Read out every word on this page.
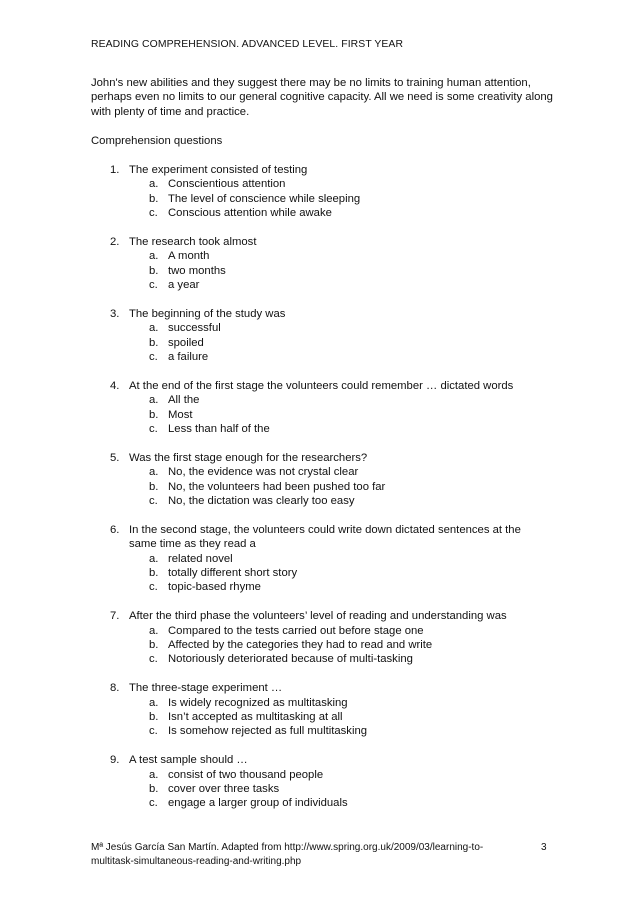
READING COMPREHENSION. ADVANCED LEVEL. FIRST YEAR

John's new abilities and they suggest there may be no limits to training human attention,

perhaps even no limits to our general cognitive capacity. All we need is some creativity along

with plenty of time and practice.

Comprehension questions
1. The experiment consisted of testing
a. Conscientious attention
b. The level of conscience while sleeping
c. Conscious attention while awake
2. The research took almost
a. A month
b. two months
c. a year
3. The beginning of the study was
a. successful
b. spoiled
c. a failure
4. At the end of the first stage the volunteers could remember … dictated words
a. All the
b. Most
c. Less than half of the
5. Was the first stage enough for the researchers?
a. No, the evidence was not crystal clear
b. No, the volunteers had been pushed too far
c. No, the dictation was clearly too easy
6. In the second stage, the volunteers could write down dictated sentences at the same time as they read a
a. related novel
b. totally different short story
c. topic-based rhyme
7. After the third phase the volunteers’ level of reading and understanding was
a. Compared to the tests carried out before stage one
b. Affected by the categories they had to read and write
c. Notoriously deteriorated because of multi-tasking
8. The three-stage experiment …
a. Is widely recognized as multitasking
b. Isn’t accepted as multitasking at all
c. Is somehow rejected as full multitasking
9. A test sample should …
a. consist of two thousand people
b. cover over three tasks
c. engage a larger group of individuals
Mª Jesús García San Martín. Adapted from http://www.spring.org.uk/2009/03/learning-to-
multitask-simultaneous-reading-and-writing.php
3
